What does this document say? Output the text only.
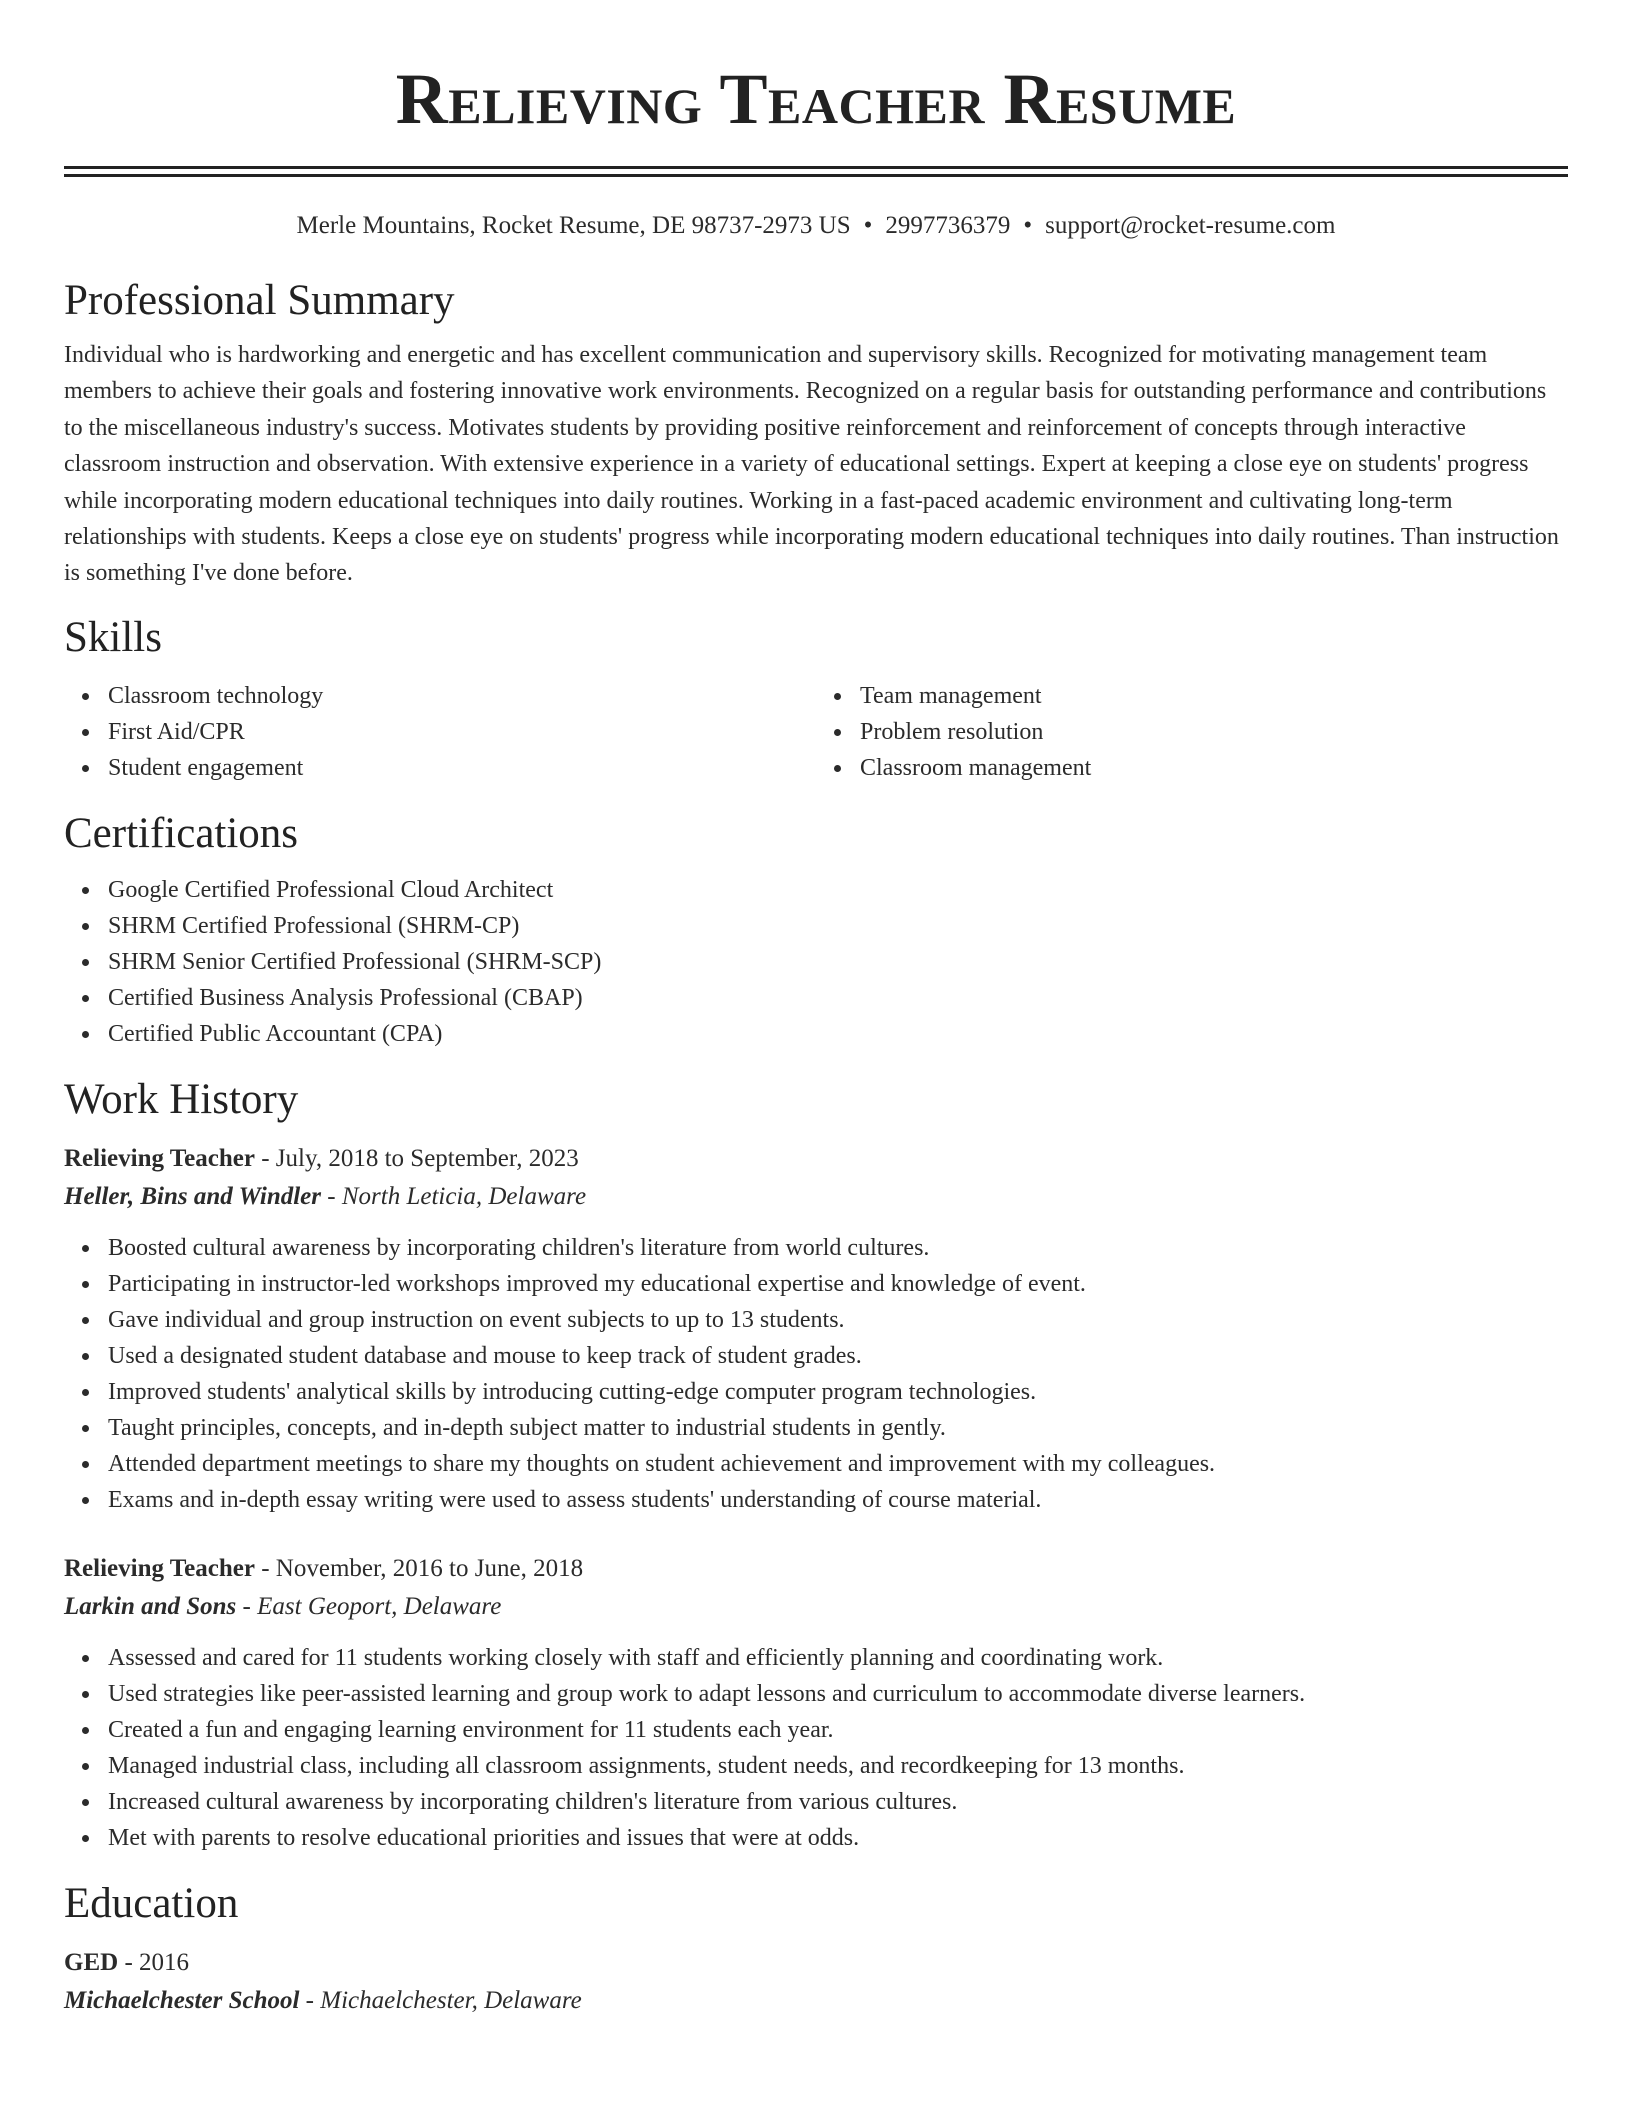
Relieving Teacher Resume
Merle Mountains, Rocket Resume, DE 98737-2973 US • 2997736379 • support@rocket-resume.com
Professional Summary

Individual who is hardworking and energetic and has excellent communication and supervisory skills. Recognized for motivating management team members to achieve their goals and fostering innovative work environments. Recognized on a regular basis for outstanding performance and contributions to the miscellaneous industry's success. Motivates students by providing positive reinforcement and reinforcement of concepts through interactive classroom instruction and observation. With extensive experience in a variety of educational settings. Expert at keeping a close eye on students' progress while incorporating modern educational techniques into daily routines. Working in a fast-paced academic environment and cultivating long-term relationships with students. Keeps a close eye on students' progress while incorporating modern educational techniques into daily routines. Than instruction is something I've done before.

Skills
Classroom technology
First Aid/CPR
Student engagement
Team management
Problem resolution
Classroom management
Certifications
Google Certified Professional Cloud Architect
SHRM Certified Professional (SHRM-CP)
SHRM Senior Certified Professional (SHRM-SCP)
Certified Business Analysis Professional (CBAP)
Certified Public Accountant (CPA)
Work History
Relieving Teacher - July, 2018 to September, 2023
Heller, Bins and Windler - North Leticia, Delaware
Boosted cultural awareness by incorporating children's literature from world cultures.
Participating in instructor-led workshops improved my educational expertise and knowledge of event.
Gave individual and group instruction on event subjects to up to 13 students.
Used a designated student database and mouse to keep track of student grades.
Improved students' analytical skills by introducing cutting-edge computer program technologies.
Taught principles, concepts, and in-depth subject matter to industrial students in gently.
Attended department meetings to share my thoughts on student achievement and improvement with my colleagues.
Exams and in-depth essay writing were used to assess students' understanding of course material.
Relieving Teacher - November, 2016 to June, 2018
Larkin and Sons - East Geoport, Delaware
Assessed and cared for 11 students working closely with staff and efficiently planning and coordinating work.
Used strategies like peer-assisted learning and group work to adapt lessons and curriculum to accommodate diverse learners.
Created a fun and engaging learning environment for 11 students each year.
Managed industrial class, including all classroom assignments, student needs, and recordkeeping for 13 months.
Increased cultural awareness by incorporating children's literature from various cultures.
Met with parents to resolve educational priorities and issues that were at odds.
Education
GED - 2016
Michaelchester School - Michaelchester, Delaware
